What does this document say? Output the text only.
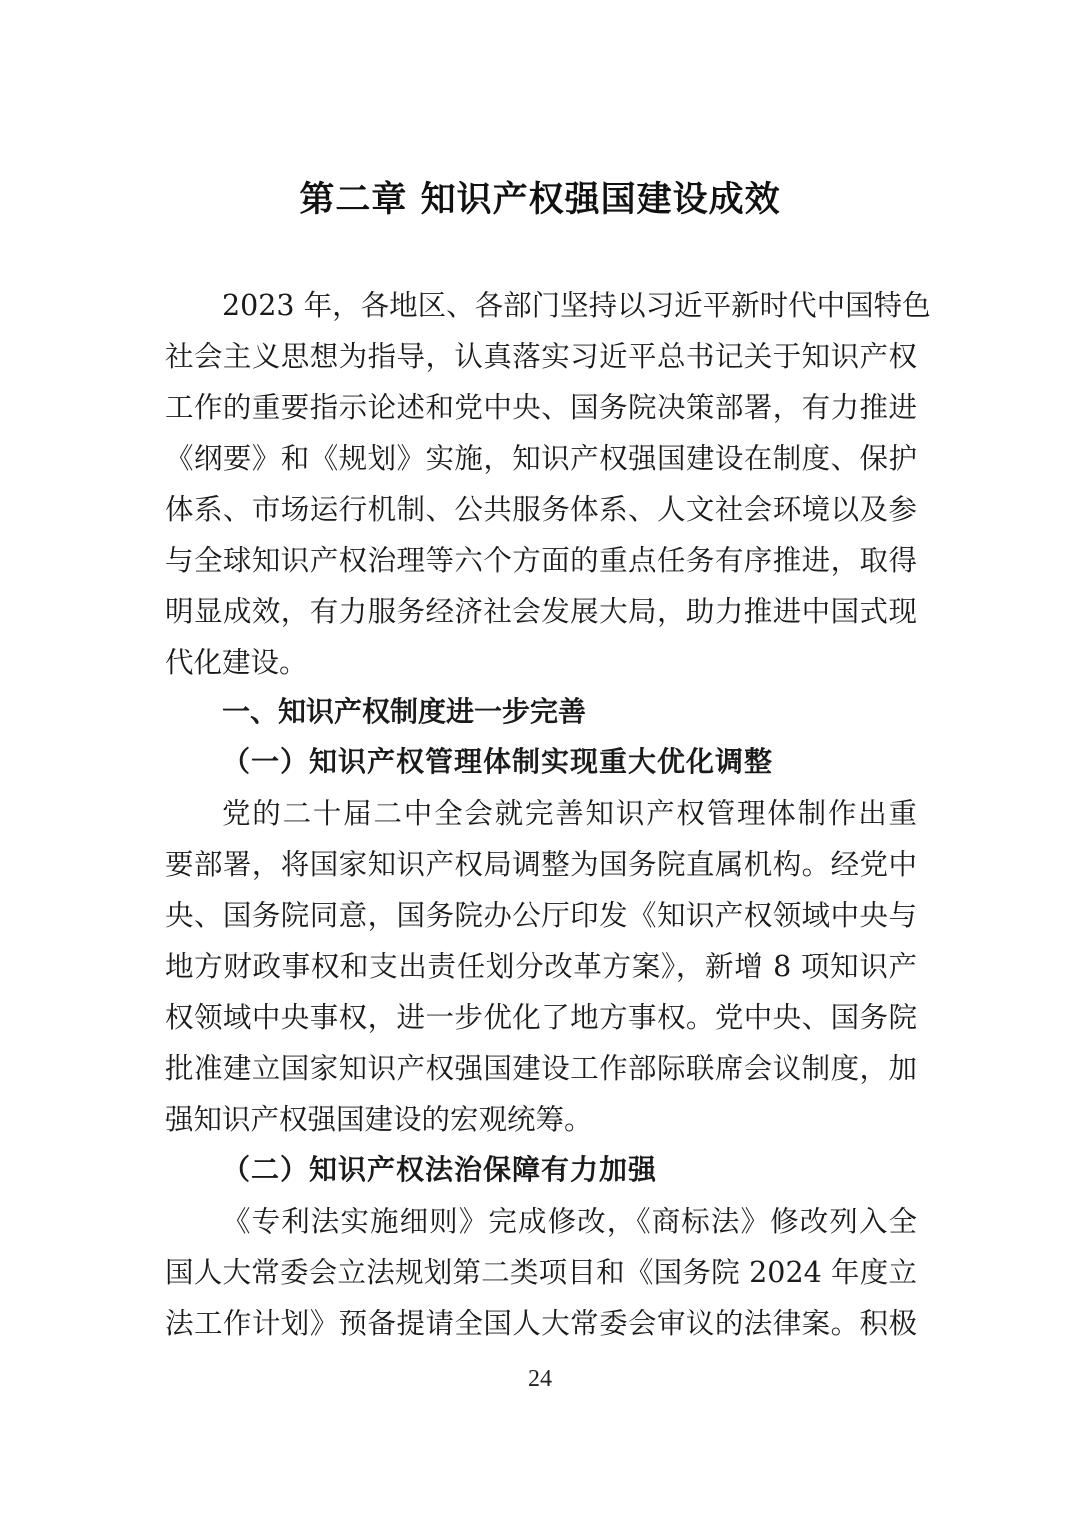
第二章 知识产权强国建设成效
2023 年，各地区、各部门坚持以习近平新时代中国特色
社会主义思想为指导，认真落实习近平总书记关于知识产权
工作的重要指示论述和党中央、国务院决策部署，有力推进
《纲要》和《规划》实施，知识产权强国建设在制度、保护
体系、市场运行机制、公共服务体系、人文社会环境以及参
与全球知识产权治理等六个方面的重点任务有序推进，取得
明显成效，有力服务经济社会发展大局，助力推进中国式现
代化建设。
一、知识产权制度进一步完善
（一）知识产权管理体制实现重大优化调整
党的二十届二中全会就完善知识产权管理体制作出重
要部署，将国家知识产权局调整为国务院直属机构。经党中
央、国务院同意，国务院办公厅印发《知识产权领域中央与
地方财政事权和支出责任划分改革方案》，新增 8 项知识产
权领域中央事权，进一步优化了地方事权。党中央、国务院
批准建立国家知识产权强国建设工作部际联席会议制度，加
强知识产权强国建设的宏观统筹。
（二）知识产权法治保障有力加强
《专利法实施细则》完成修改，《商标法》修改列入全
国人大常委会立法规划第二类项目和《国务院 2024 年度立
法工作计划》预备提请全国人大常委会审议的法律案。积极
24
